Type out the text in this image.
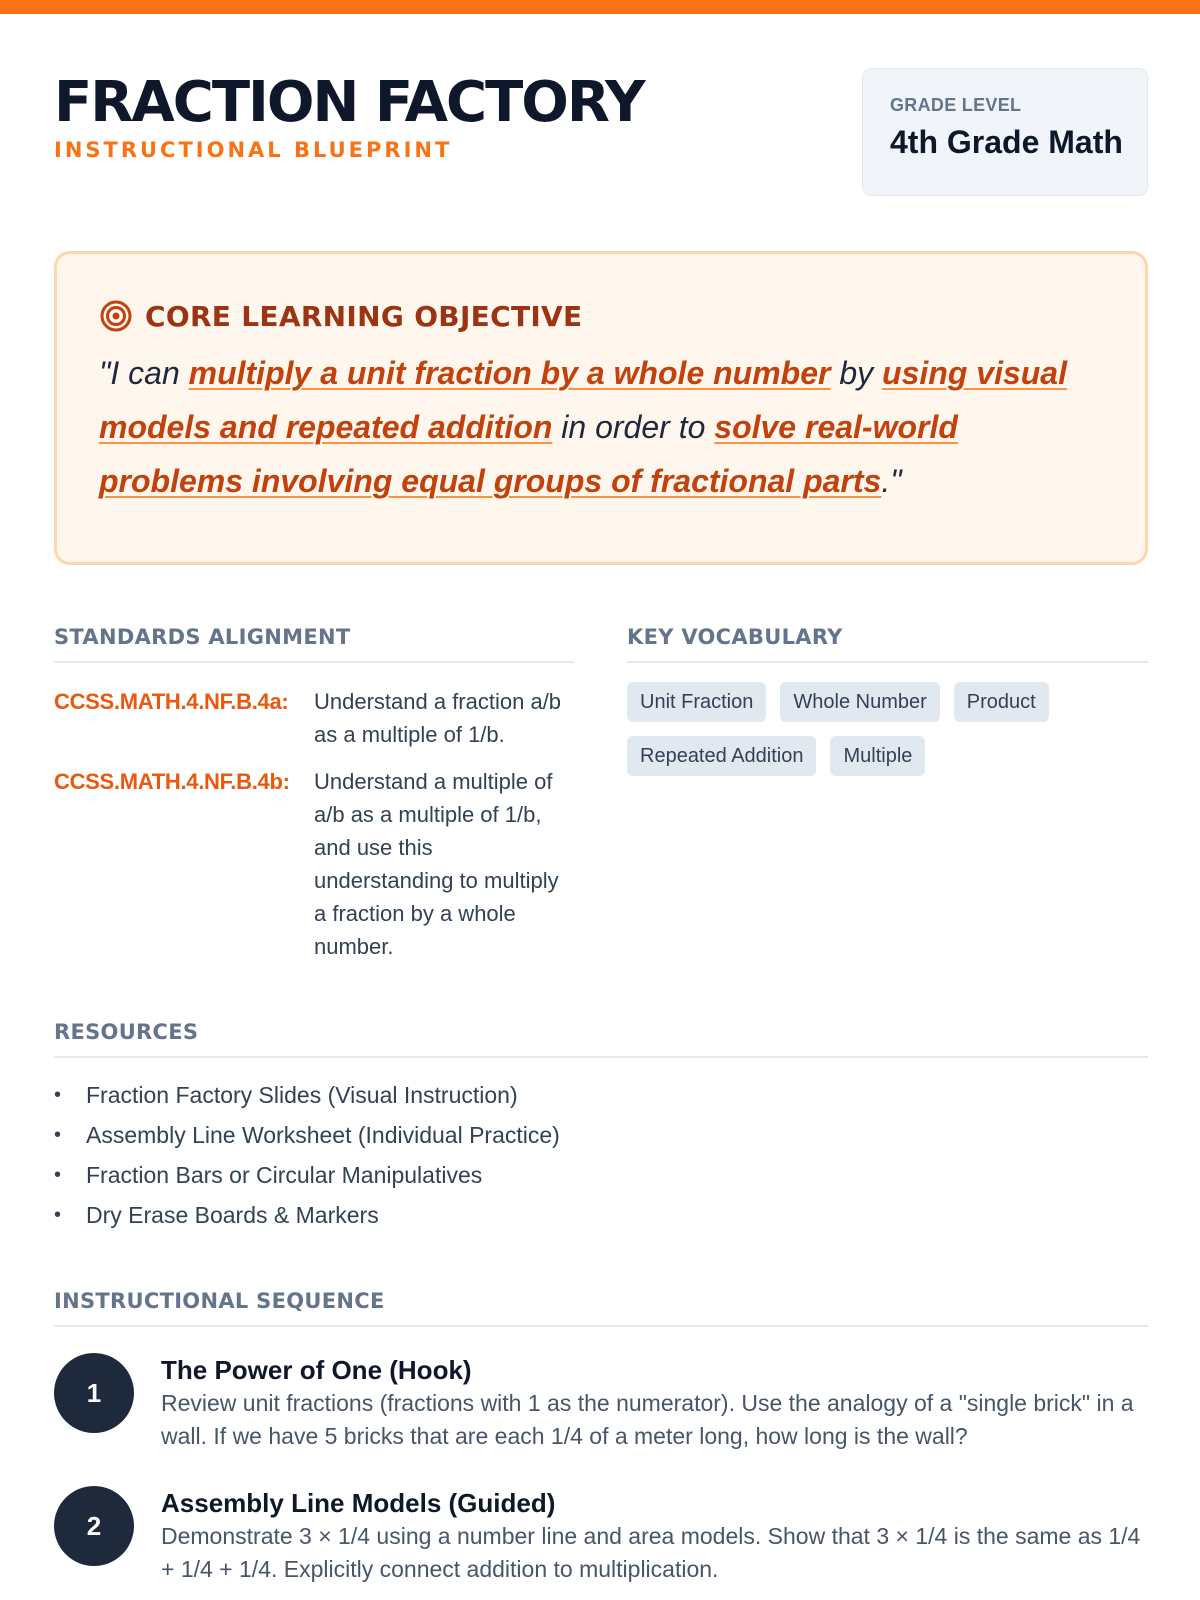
FRACTION FACTORY
INSTRUCTIONAL BLUEPRINT
GRADE LEVEL
4th Grade Math
CORE LEARNING OBJECTIVE

"I can multiply a unit fraction by a whole number by using visual models and repeated addition in order to solve real-world problems involving equal groups of fractional parts."

STANDARDS ALIGNMENT
CCSS.MATH.4.NF.B.4a:	Understand a fraction a/b as a multiple of 1/b.
CCSS.MATH.4.NF.B.4b:	Understand a multiple of a/b as a multiple of 1/b, and use this understanding to multiply a fraction by a whole number.
KEY VOCABULARY
Unit Fraction	Whole Number	Product
Repeated Addition	Multiple
RESOURCES
• Fraction Factory Slides (Visual Instruction)
• Assembly Line Worksheet (Individual Practice)
• Fraction Bars or Circular Manipulatives
• Dry Erase Boards & Markers
INSTRUCTIONAL SEQUENCE
1
The Power of One (Hook)
Review unit fractions (fractions with 1 as the numerator). Use the analogy of a "single brick" in a wall. If we have 5 bricks that are each 1/4 of a meter long, how long is the wall?
2
Assembly Line Models (Guided)
Demonstrate 3 × 1/4 using a number line and area models. Show that 3 × 1/4 is the same as 1/4 + 1/4 + 1/4. Explicitly connect addition to multiplication.
